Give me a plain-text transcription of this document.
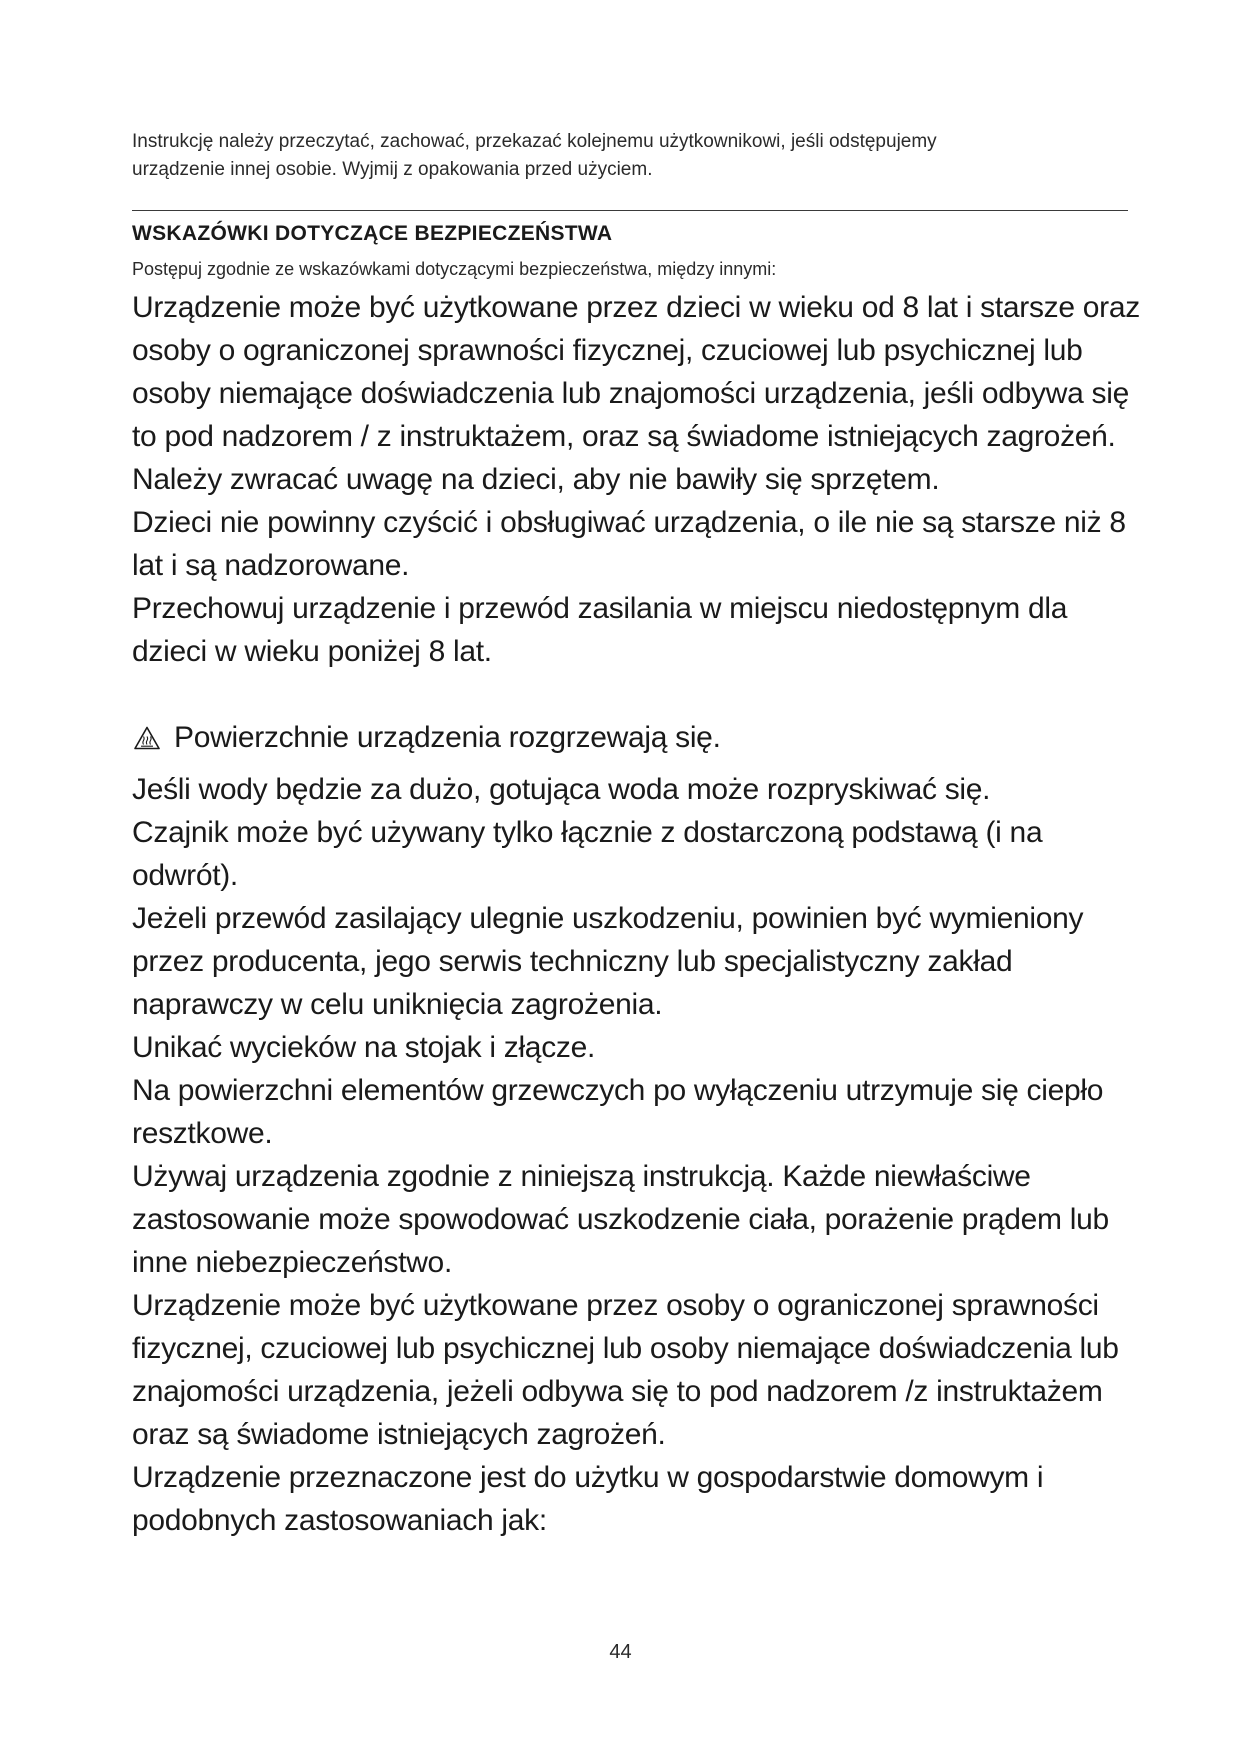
Instrukcję należy przeczytać, zachować, przekazać kolejnemu użytkownikowi, jeśli odstępujemy
urządzenie innej osobie. Wyjmij z opakowania przed użyciem.

WSKAZÓWKI DOTYCZĄCE BEZPIECZEŃSTWA

Postępuj zgodnie ze wskazówkami dotyczącymi bezpieczeństwa, między innymi:

Urządzenie może być użytkowane przez dzieci w wieku od 8 lat i starsze oraz osoby o ograniczonej sprawności fizycznej, czuciowej lub psychicznej lub osoby niemające doświadczenia lub znajomości urządzenia, jeśli odbywa się to pod nadzorem / z instruktażem, oraz są świadome istniejących zagrożeń. Należy zwracać uwagę na dzieci, aby nie bawiły się sprzętem.
Dzieci nie powinny czyścić i obsługiwać urządzenia, o ile nie są starsze niż 8 lat i są nadzorowane.
Przechowuj urządzenie i przewód zasilania w miejscu niedostępnym dla dzieci w wieku poniżej 8 lat.
Powierzchnie urządzenia rozgrzewają się.
Jeśli wody będzie za dużo, gotująca woda może rozpryskiwać się.
Czajnik może być używany tylko łącznie z dostarczoną podstawą (i na odwrót).
Jeżeli przewód zasilający ulegnie uszkodzeniu, powinien być wymieniony przez producenta, jego serwis techniczny lub specjalistyczny zakład naprawczy w celu uniknięcia zagrożenia.
Unikać wycieków na stojak i złącze.
Na powierzchni elementów grzewczych po wyłączeniu utrzymuje się ciepło resztkowe.
Używaj urządzenia zgodnie z niniejszą instrukcją. Każde niewłaściwe zastosowanie może spowodować uszkodzenie ciała, porażenie prądem lub inne niebezpieczeństwo.
Urządzenie może być użytkowane przez osoby o ograniczonej sprawności fizycznej, czuciowej lub psychicznej lub osoby niemające doświadczenia lub znajomości urządzenia, jeżeli odbywa się to pod nadzorem /z instruktażem oraz są świadome istniejących zagrożeń.
Urządzenie przeznaczone jest do użytku w gospodarstwie domowym i podobnych zastosowaniach jak:

44
